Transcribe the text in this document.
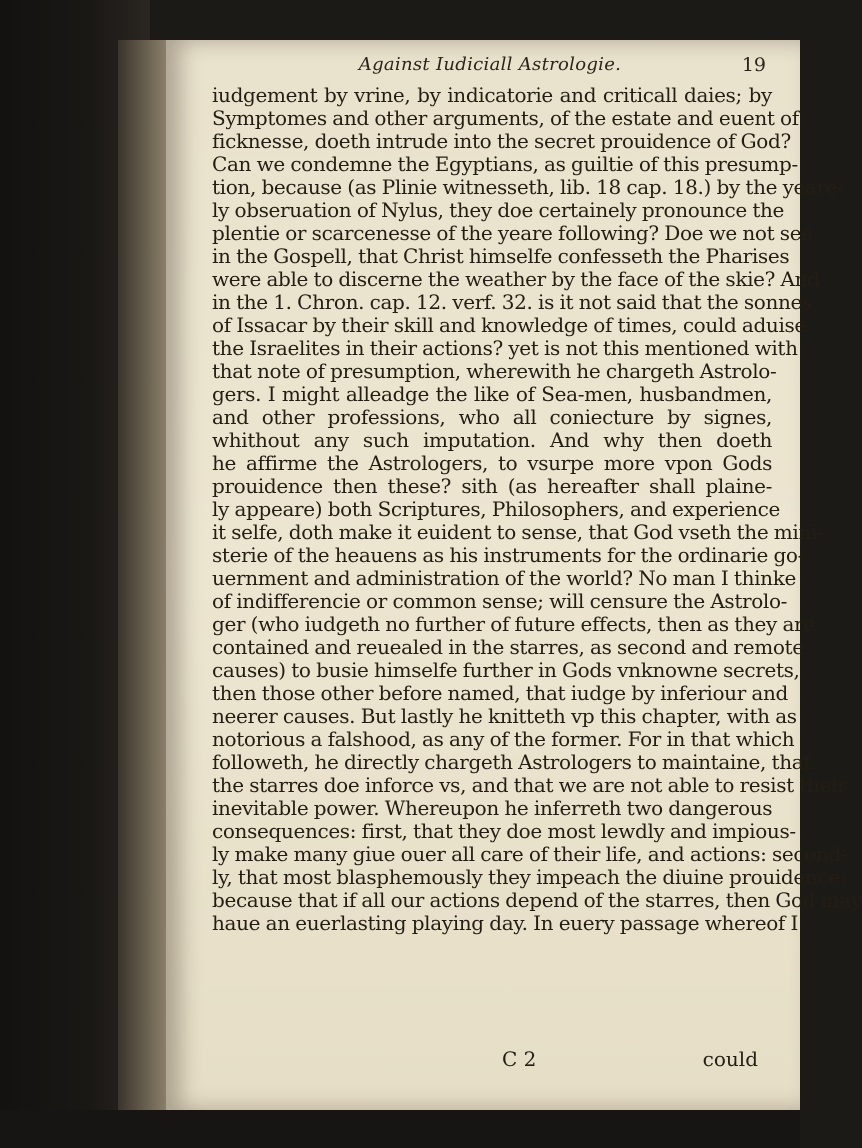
Against Iudiciall Astrologie.	19
iudgement by vrine, by indicatorie and criticall daies; by
Symptomes and other arguments, of the estate and euent of
ficknesse, doeth intrude into the secret prouidence of God?
Can we condemne the Egyptians, as guiltie of this presump-
tion, because (as Plinie witnesseth, lib. 18 cap. 18.) by the yeare-
ly obseruation of Nylus, they doe certainely pronounce the
plentie or scarcenesse of the yeare following? Doe we not see
in the Gospell, that Christ himselfe confesseth the Pharises
were able to discerne the weather by the face of the skie? And
in the 1. Chron. cap. 12. verf. 32. is it not said that the sonnes
of Issacar by their skill and knowledge of times, could aduise
the Israelites in their actions? yet is not this mentioned with
that note of presumption, wherewith he chargeth Astrolo-
gers. I might alleadge the like of Sea-men, husbandmen,
and other professions, who all coniecture by signes,
whithout any such imputation. And why then doeth
he affirme the Astrologers, to vsurpe more vpon Gods
prouidence then these? sith (as hereafter shall plaine-
ly appeare) both Scriptures, Philosophers, and experience
it selfe, doth make it euident to sense, that God vseth the mini-
sterie of the heauens as his instruments for the ordinarie go-
uernment and administration of the world? No man I thinke
of indifferencie or common sense; will censure the Astrolo-
ger (who iudgeth no further of future effects, then as they are
contained and reuealed in the starres, as second and remote
causes) to busie himselfe further in Gods vnknowne secrets,
then those other before named, that iudge by inferiour and
neerer causes. But lastly he knitteth vp this chapter, with as
notorious a falshood, as any of the former. For in that which
followeth, he directly chargeth Astrologers to maintaine, that
the starres doe inforce vs, and that we are not able to resist their
inevitable power. Whereupon he inferreth two dangerous
consequences: first, that they doe most lewdly and impious-
ly make many giue ouer all care of their life, and actions: second-
ly, that most blasphemously they impeach the diuine prouidence:
because that if all our actions depend of the starres, then God may
haue an euerlasting playing day. In euery passage whereof I
C 2	could
